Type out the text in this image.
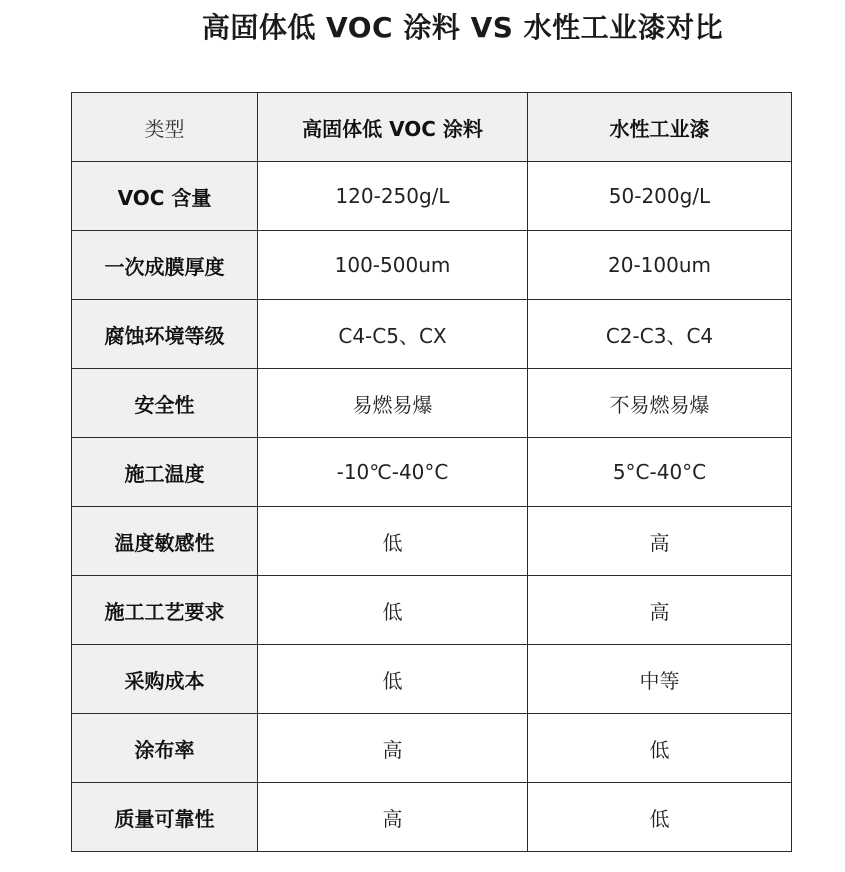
高固体低 VOC 涂料 VS 水性工业漆对比
类型	高固体低 VOC 涂料	水性工业漆
VOC 含量	120-250g/L	50-200g/L
一次成膜厚度	100-500um	20-100um
腐蚀环境等级	C4-C5、CX	C2-C3、C4
安全性	易燃易爆	不易燃易爆
施工温度	-10℃-40°C	5°C-40°C
温度敏感性	低	高
施工工艺要求	低	高
采购成本	低	中等
涂布率	高	低
质量可靠性	高	低
